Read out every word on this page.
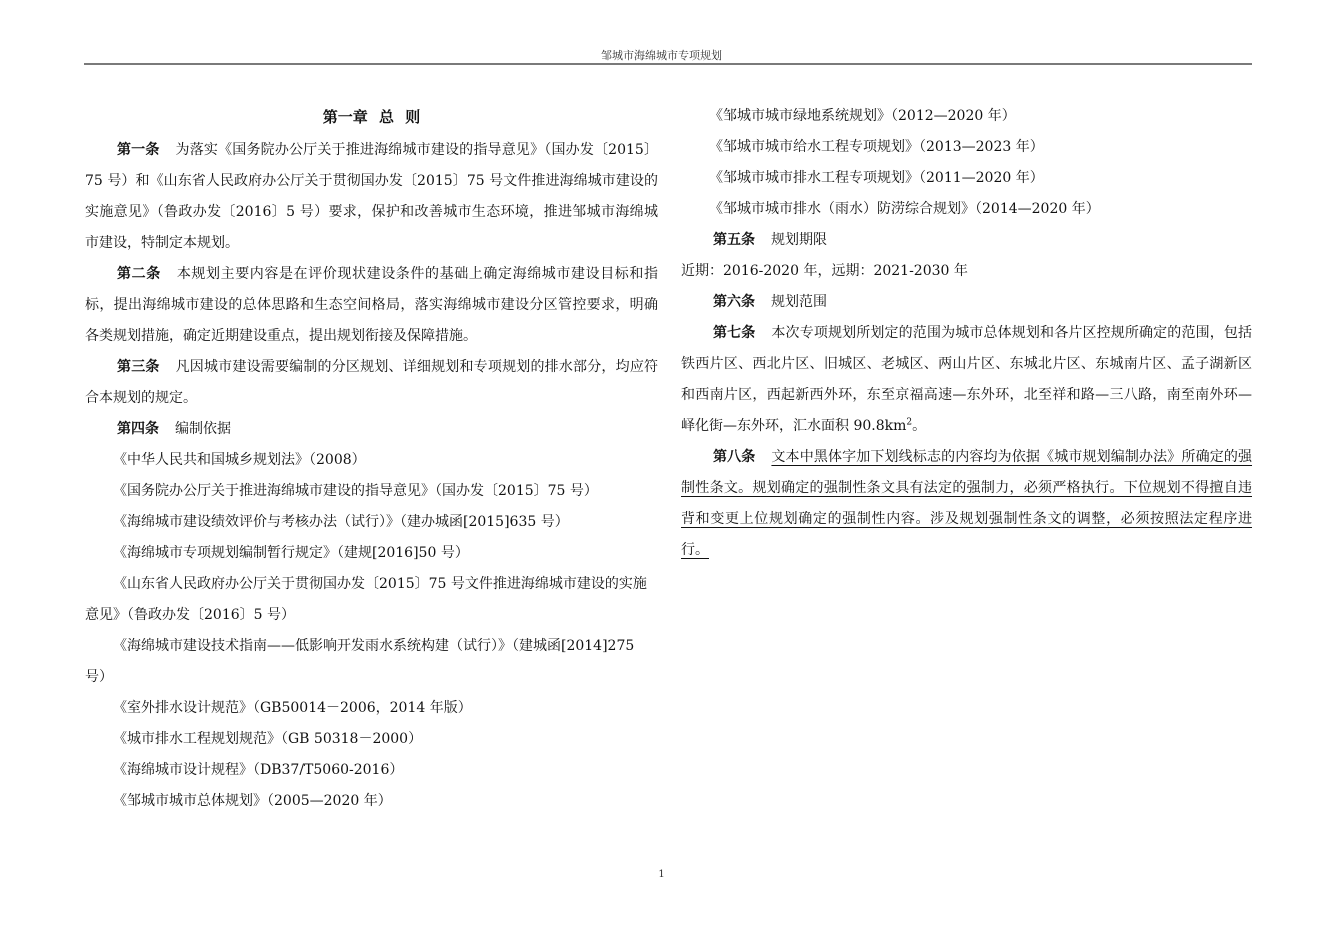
邹城市海绵城市专项规划
第一章 总 则

第一条 为落实《国务院办公厅关于推进海绵城市建设的指导意见》（国办发〔2015〕75 号）和《山东省人民政府办公厅关于贯彻国办发〔2015〕75 号文件推进海绵城市建设的实施意见》（鲁政办发〔2016〕5 号）要求，保护和改善城市生态环境，推进邹城市海绵城市建设，特制定本规划。

第二条 本规划主要内容是在评价现状建设条件的基础上确定海绵城市建设目标和指标，提出海绵城市建设的总体思路和生态空间格局，落实海绵城市建设分区管控要求，明确各类规划措施，确定近期建设重点，提出规划衔接及保障措施。

第三条 凡因城市建设需要编制的分区规划、详细规划和专项规划的排水部分，均应符合本规划的规定。

第四条 编制依据

《中华人民共和国城乡规划法》（2008）

《国务院办公厅关于推进海绵城市建设的指导意见》（国办发〔2015〕75 号）

《海绵城市建设绩效评价与考核办法（试行）》（建办城函[2015]635 号）

《海绵城市专项规划编制暂行规定》（建规[2016]50 号）

《山东省人民政府办公厅关于贯彻国办发〔2015〕75 号文件推进海绵城市建设的实施意见》（鲁政办发〔2016〕5 号）

《海绵城市建设技术指南——低影响开发雨水系统构建（试行）》（建城函[2014]275 号）

《室外排水设计规范》（GB50014－2006，2014 年版）

《城市排水工程规划规范》（GB 50318－2000）

《海绵城市设计规程》（DB37/T5060-2016）

《邹城市城市总体规划》（2005—2020 年）

《邹城市城市绿地系统规划》（2012—2020 年）

《邹城市城市给水工程专项规划》（2013—2023 年）

《邹城市城市排水工程专项规划》（2011—2020 年）

《邹城市城市排水（雨水）防涝综合规划》（2014—2020 年）

第五条 规划期限

近期：2016-2020 年，远期：2021-2030 年

第六条 规划范围

第七条 本次专项规划所划定的范围为城市总体规划和各片区控规所确定的范围，包括铁西片区、西北片区、旧城区、老城区、两山片区、东城北片区、东城南片区、孟子湖新区和西南片区，西起新西外环，东至京福高速—东外环，北至祥和路—三八路，南至南外环—峄化街—东外环，汇水面积 $90.8km^2$。

第八条 文本中黑体字加下划线标志的内容均为依据《城市规划编制办法》所确定的强制性条文。规划确定的强制性条文具有法定的强制力，必须严格执行。下位规划不得擅自违背和变更上位规划确定的强制性内容。涉及规划强制性条文的调整，必须按照法定程序进行。

1
